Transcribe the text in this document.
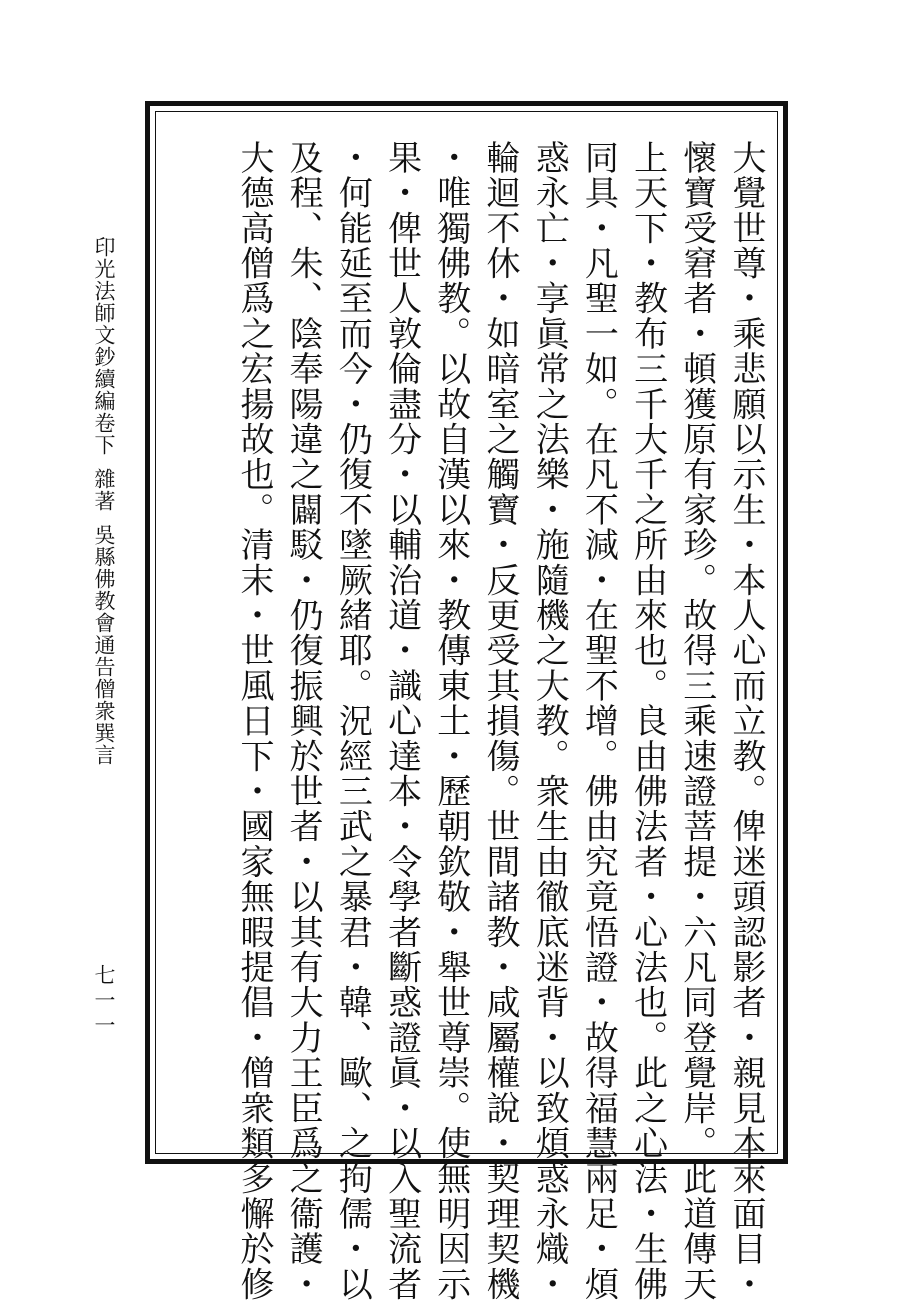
印光法師文鈔續編卷下雜著吳縣佛教會通告僧衆巽言
七一一	大覺世尊・乘悲願以示生・本人心而立教。俾迷頭認影者・親見本來面目・
懷寶受窘者・頓獲原有家珍。故得三乘速證菩提・六凡同登覺岸。此道傳天
上天下・教布三千大千之所由來也。良由佛法者・心法也。此之心法・生佛
同具・凡聖一如。在凡不減・在聖不增。佛由究竟悟證・故得福慧兩足・煩
惑永亡・享眞常之法樂・施隨機之大教。衆生由徹底迷背・以致煩惑永熾・
輪迴不休・如暗室之觸寶・反更受其損傷。世間諸教・咸屬權說・契理契機
・唯獨佛教。以故自漢以來・教傳東土・歷朝欽敬・舉世尊崇。使無明因示
果・俾世人敦倫盡分・以輔治道・識心達本・令學者斷惑證眞・以入聖流者
・何能延至而今・仍復不墜厥緒耶。況經三武之暴君・韓、歐、之拘儒・以
及程、朱、陰奉陽違之闢駁・仍復振興於世者・以其有大力王臣爲之衞護・
大德高僧爲之宏揚故也。清末・世風日下・國家無暇提倡・僧衆類多懈於修
